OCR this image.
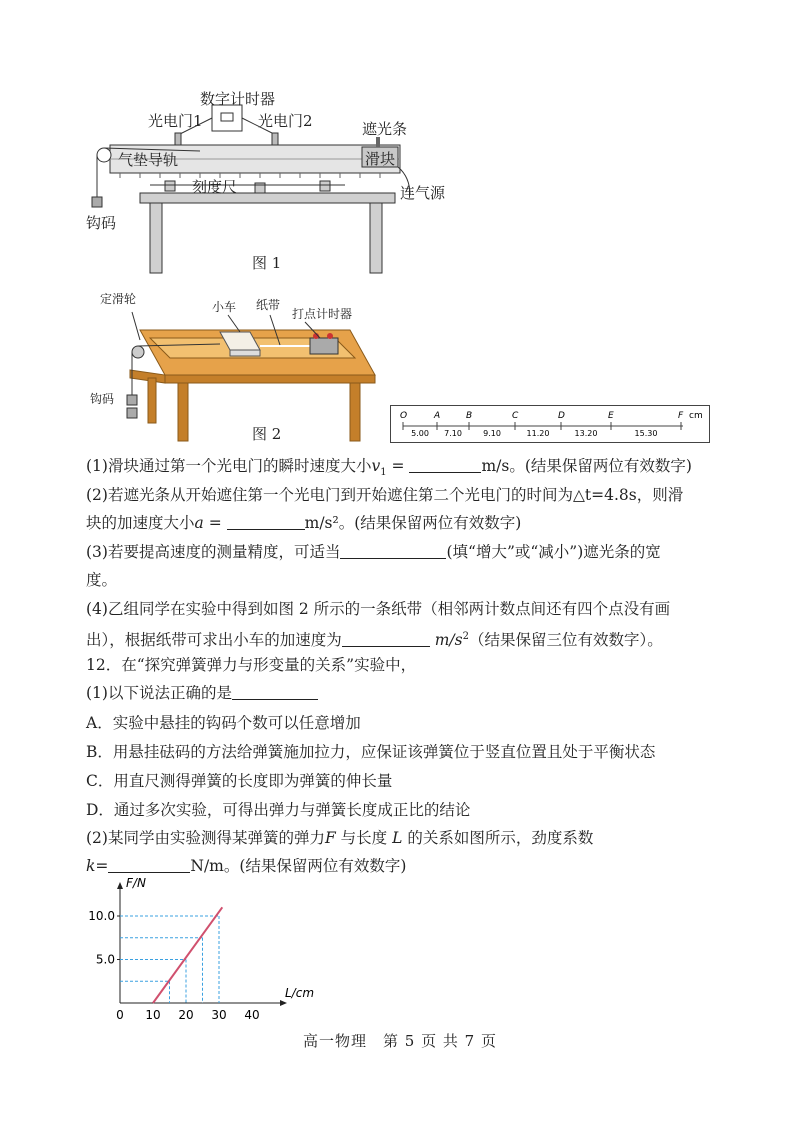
数字计时器
光电门1	光电门2	遮光条
气垫导轨	滑块
刻度尺	连气源
钩码
图 1
定滑轮
小车 纸带
打点计时器
钩码
图 2
O	A	B	C	D	E	F cm
5.00 7.10	9.10	11.20	13.20	15.30
(1)滑块通过第一个光电门的瞬时速度大小$v_1$ =	m/s。(结果保留两位有效数字)
(2)若遮光条从开始遮住第一个光电门到开始遮住第二个光电门的时间为△t=4.8s，则滑
块的加速度大小a =	m/s²。(结果保留两位有效数字)
(3)若要提高速度的测量精度，可适当	(填“增大”或“减小”)遮光条的宽
度。
(4)乙组同学在实验中得到如图 2 所示的一条纸带（相邻两计数点间还有四个点没有画
出），根据纸带可求出小车的加速度为	$m/s^2$（结果保留三位有效数字）。
12．在“探究弹簧弹力与形变量的关系”实验中，
(1)以下说法正确的是
A．实验中悬挂的钩码个数可以任意增加
B．用悬挂砝码的方法给弹簧施加拉力，应保证该弹簧位于竖直位置且处于平衡状态
C．用直尺测得弹簧的长度即为弹簧的伸长量
D．通过多次实验，可得出弹力与弹簧长度成正比的结论
(2)某同学由实验测得某弹簧的弹力F 与长度 L 的关系如图所示，劲度系数
k=	N/m。(结果保留两位有效数字)
L/cm
F/N
0 10 20 30 40
5.0
10.0
高一物理　第 5 页 共 7 页
